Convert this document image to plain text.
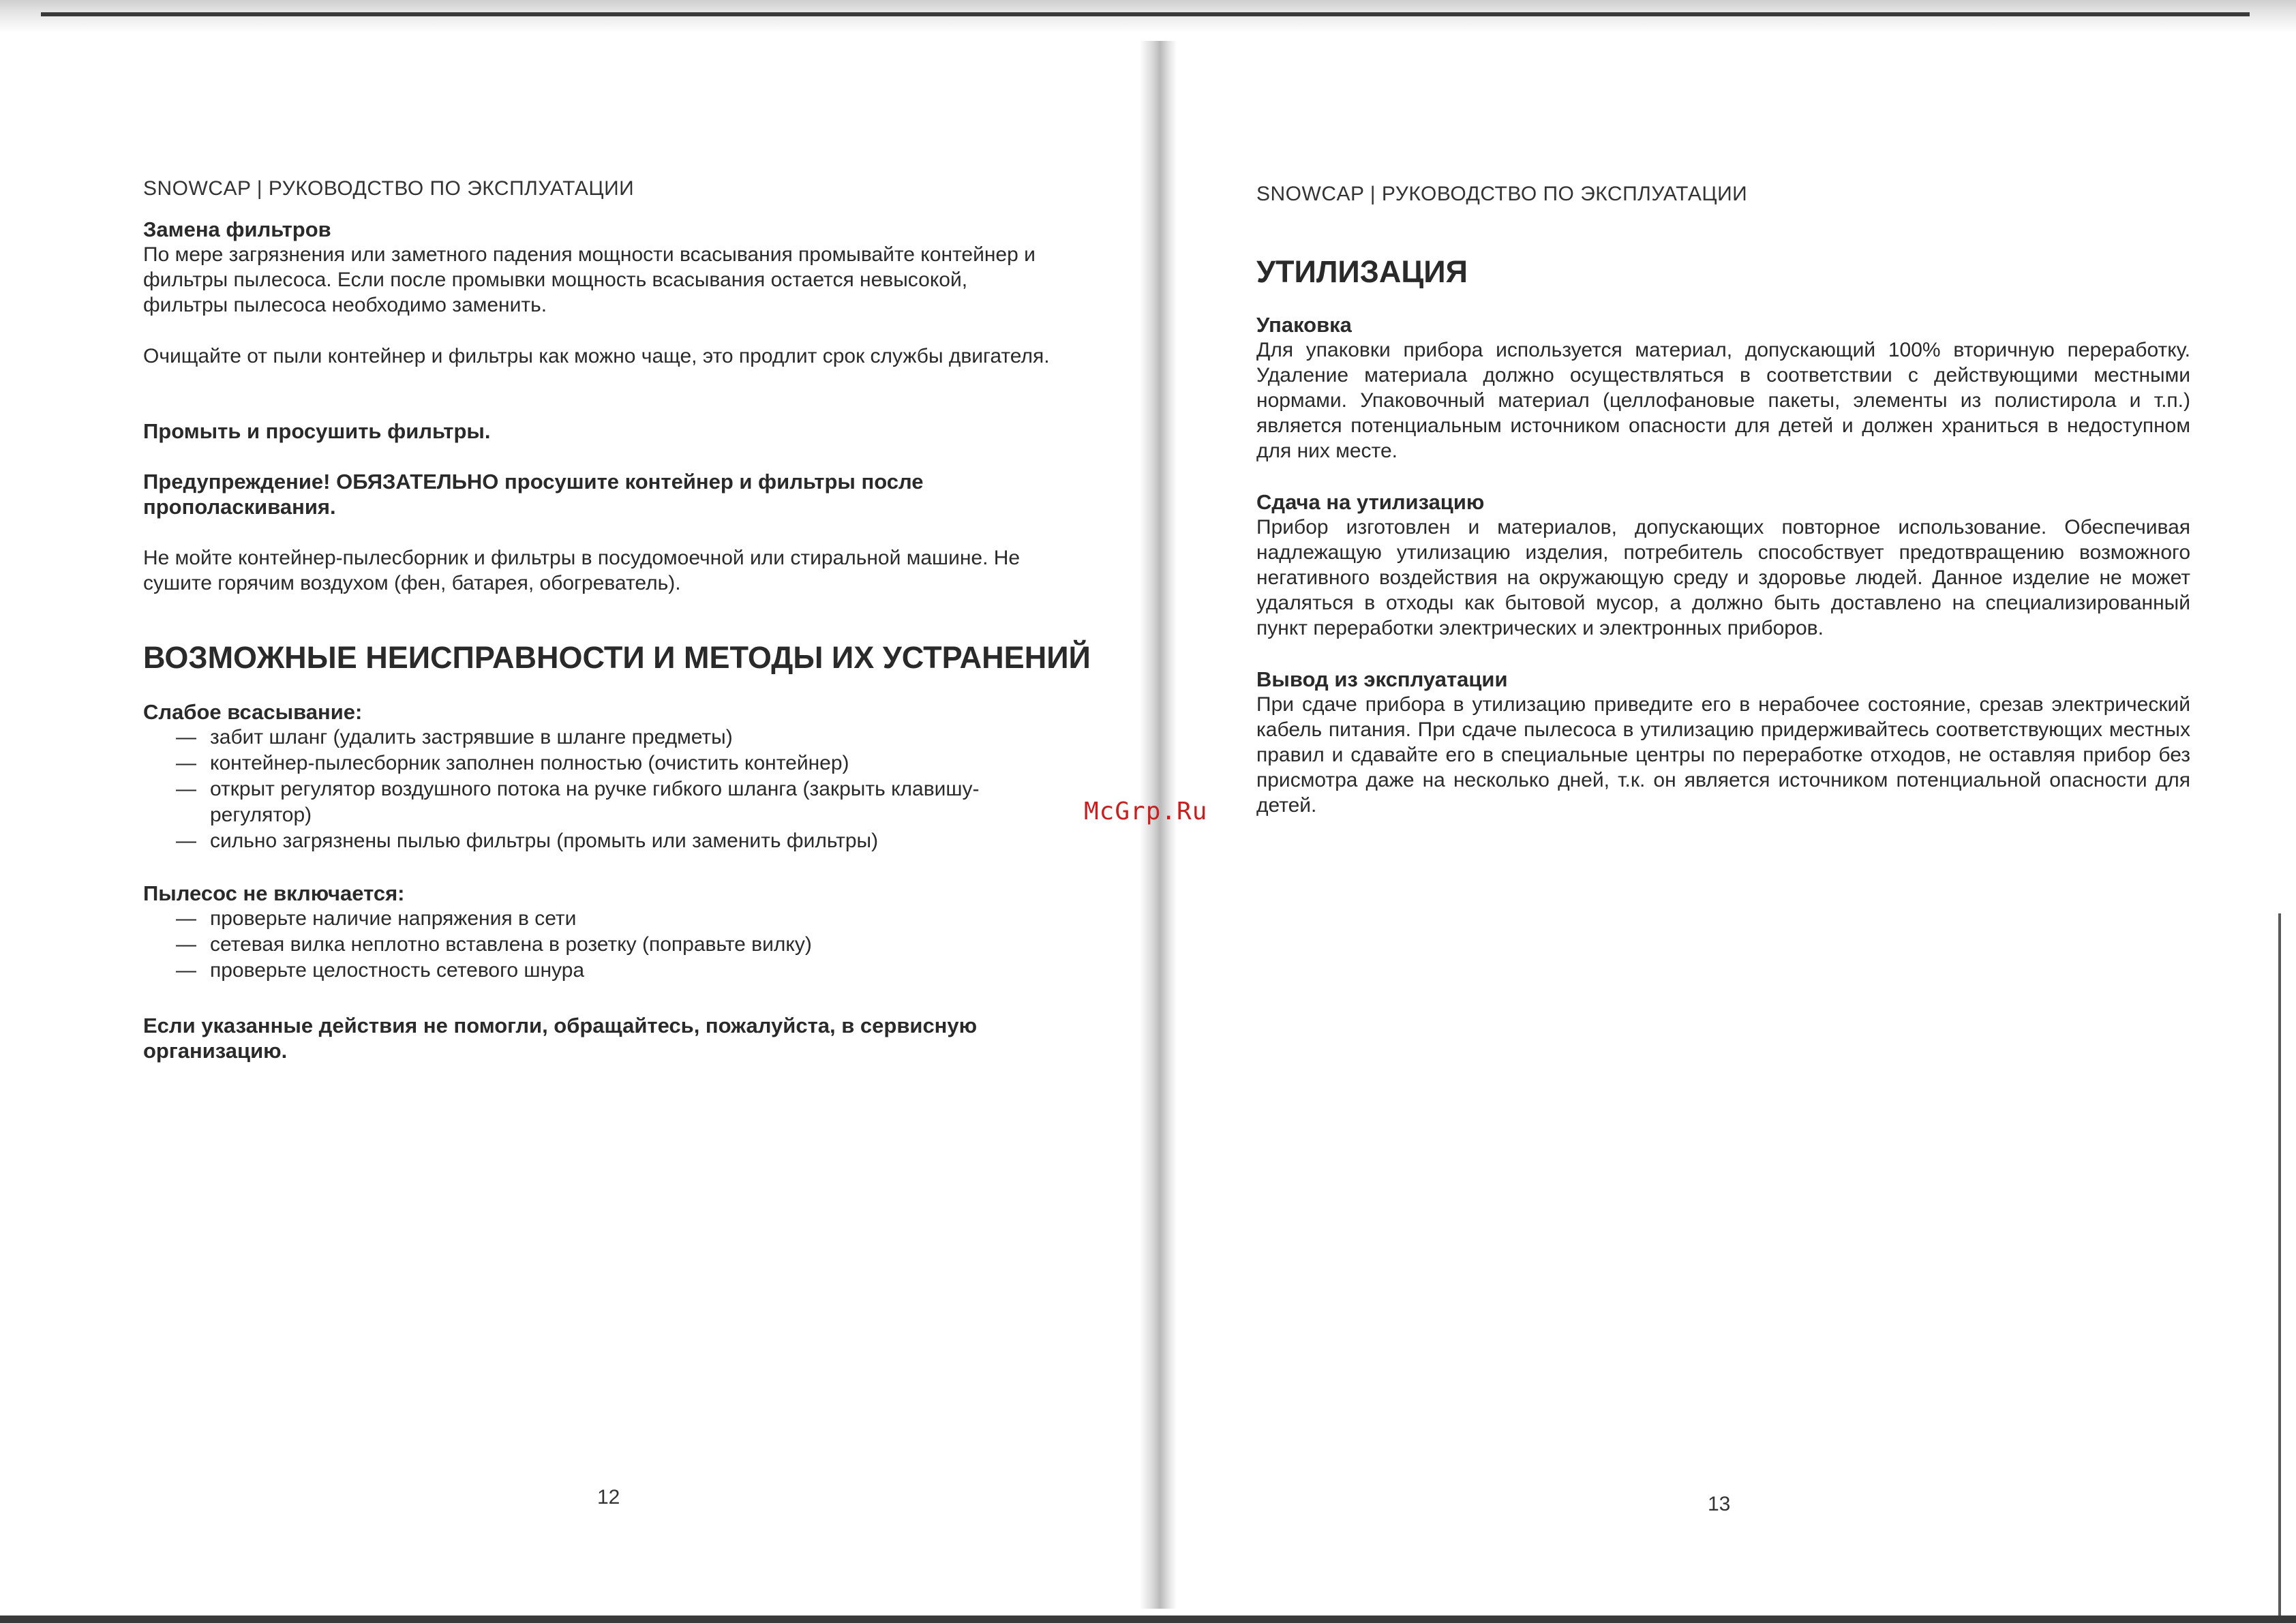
SNOWCAP | РУКОВОДСТВО ПО ЭКСПЛУАТАЦИИ

Замена фильтров

По мере загрязнения или заметного падения мощности всасывания промывайте контейнер и фильтры пылесоса. Если после промывки мощность всасывания остается невысокой, фильтры пылесоса необходимо заменить.

Очищайте от пыли контейнер и фильтры как можно чаще, это продлит срок службы двигателя.

Промыть и просушить фильтры.

Предупреждение! ОБЯЗАТЕЛЬНО просушите контейнер и фильтры после прополаскивания.

Не мойте контейнер-пылесборник и фильтры в посудомоечной или стиральной машине. Не сушите горячим воздухом (фен, батарея, обогреватель).

ВОЗМОЖНЫЕ НЕИСПРАВНОСТИ И МЕТОДЫ ИХ УСТРАНЕНИЙ

Слабое всасывание:

— забит шланг (удалить застрявшие в шланге предметы)
— контейнер-пылесборник заполнен полностью (очистить контейнер)
— открыт регулятор воздушного потока на ручке гибкого шланга (закрыть клавишу-регулятор)
— сильно загрязнены пылью фильтры (промыть или заменить фильтры)

Пылесос не включается:

— проверьте наличие напряжения в сети
— сетевая вилка неплотно вставлена в розетку (поправьте вилку)
— проверьте целостность сетевого шнура

Если указанные действия не помогли, обращайтесь, пожалуйста, в сервисную организацию.

12
SNOWCAP | РУКОВОДСТВО ПО ЭКСПЛУАТАЦИИ
УТИЛИЗАЦИЯ

Упаковка

Для упаковки прибора используется материал, допускающий 100% вторичную переработку. Удаление материала должно осуществляться в соответствии с действующими местными нормами. Упаковочный материал (целлофановые пакеты, элементы из полистирола и т.п.) является потенциальным источником опасности для детей и должен храниться в недоступном для них месте.

Сдача на утилизацию

Прибор изготовлен и материалов, допускающих повторное использование. Обеспечивая надлежащую утилизацию изделия, потребитель способствует предотвращению возможного негативного воздействия на окружающую среду и здоровье людей. Данное изделие не может удаляться в отходы как бытовой мусор, а должно быть доставлено на специализированный пункт переработки электрических и электронных приборов.

Вывод из эксплуатации

При сдаче прибора в утилизацию приведите его в нерабочее состояние, срезав электрический кабель питания. При сдаче пылесоса в утилизацию придерживайтесь соответствующих местных правил и сдавайте его в специальные центры по переработке отходов, не оставляя прибор без присмотра даже на несколько дней, т.к. он является источником потенциальной опасности для детей.

13
McGrp.Ru
